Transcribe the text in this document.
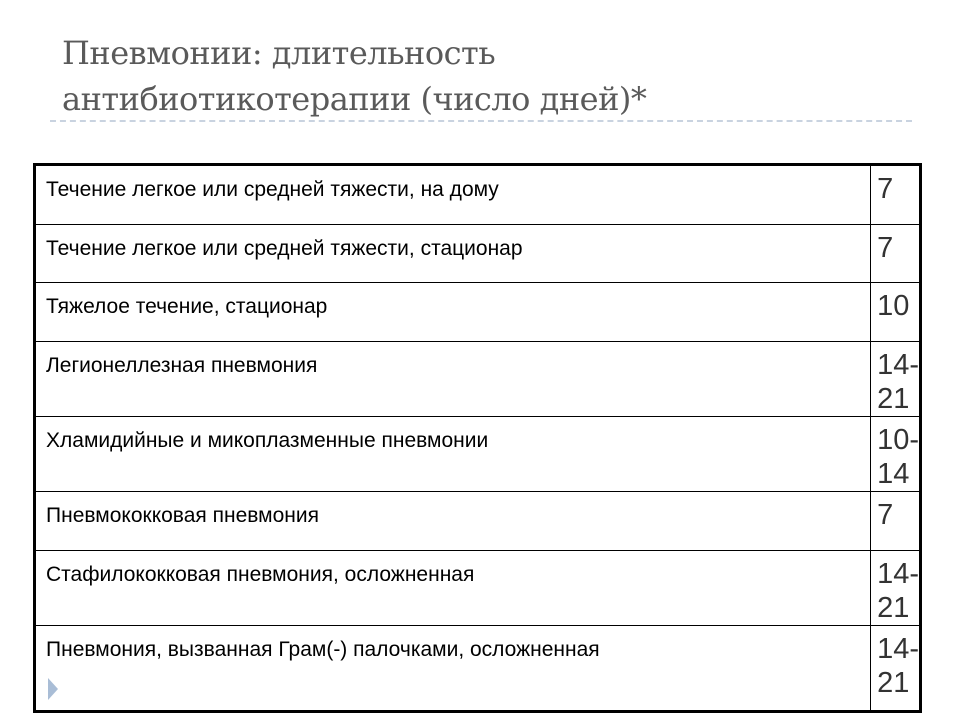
Пневмонии: длительность
антибиотикотерапии (число дней)*
Течение легкое или средней тяжести, на дому	7
Течение легкое или средней тяжести, стационар	7
Тяжелое течение, стационар	10
Легионеллезная пневмония	14-21
Хламидийные и микоплазменные пневмонии	10-14
Пневмококковая пневмония	7
Стафилококковая пневмония, осложненная	14-21
Пневмония, вызванная Грам(-) палочками, осложненная	14-21
